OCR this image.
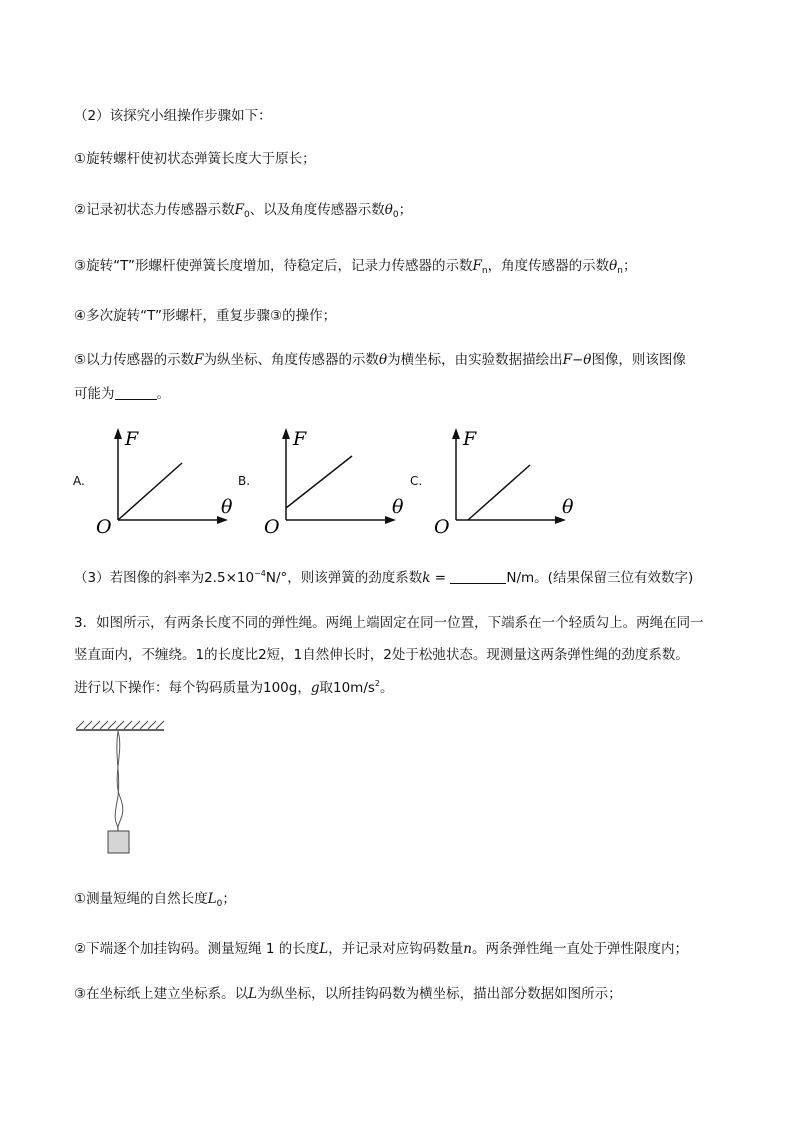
（2）该探究小组操作步骤如下：
①旋转螺杆使初状态弹簧长度大于原长；
②记录初状态力传感器示数$F_0$、以及角度传感器示数$\theta_0$；
③旋转“T”形螺杆使弹簧长度增加，待稳定后，记录力传感器的示数$F_n$，角度传感器的示数$\theta_n$；
④多次旋转“T”形螺杆，重复步骤③的操作；
⑤以力传感器的示数F为纵坐标、角度传感器的示数θ为横坐标，由实验数据描绘出F−θ图像，则该图像
可能为	。
A.
F
θ
O
B.
F
θ
O
C.
F
θ
O
（3）若图像的斜率为$2.5\times 10^{-4}N/^\circ$，则该弹簧的劲度系数k =	N/m。(结果保留三位有效数字)
3．如图所示，有两条长度不同的弹性绳。两绳上端固定在同一位置，下端系在一个轻质勾上。两绳在同一
竖直面内，不缠绕。1的长度比2短，1自然伸长时，2处于松弛状态。现测量这两条弹性绳的劲度系数。
进行以下操作：每个钩码质量为100g，g取$10m/s^2$。
①测量短绳的自然长度$L_0$；
②下端逐个加挂钩码。测量短绳 1 的长度L，并记录对应钩码数量n。两条弹性绳一直处于弹性限度内；
③在坐标纸上建立坐标系。以L为纵坐标，以所挂钩码数为横坐标，描出部分数据如图所示；
